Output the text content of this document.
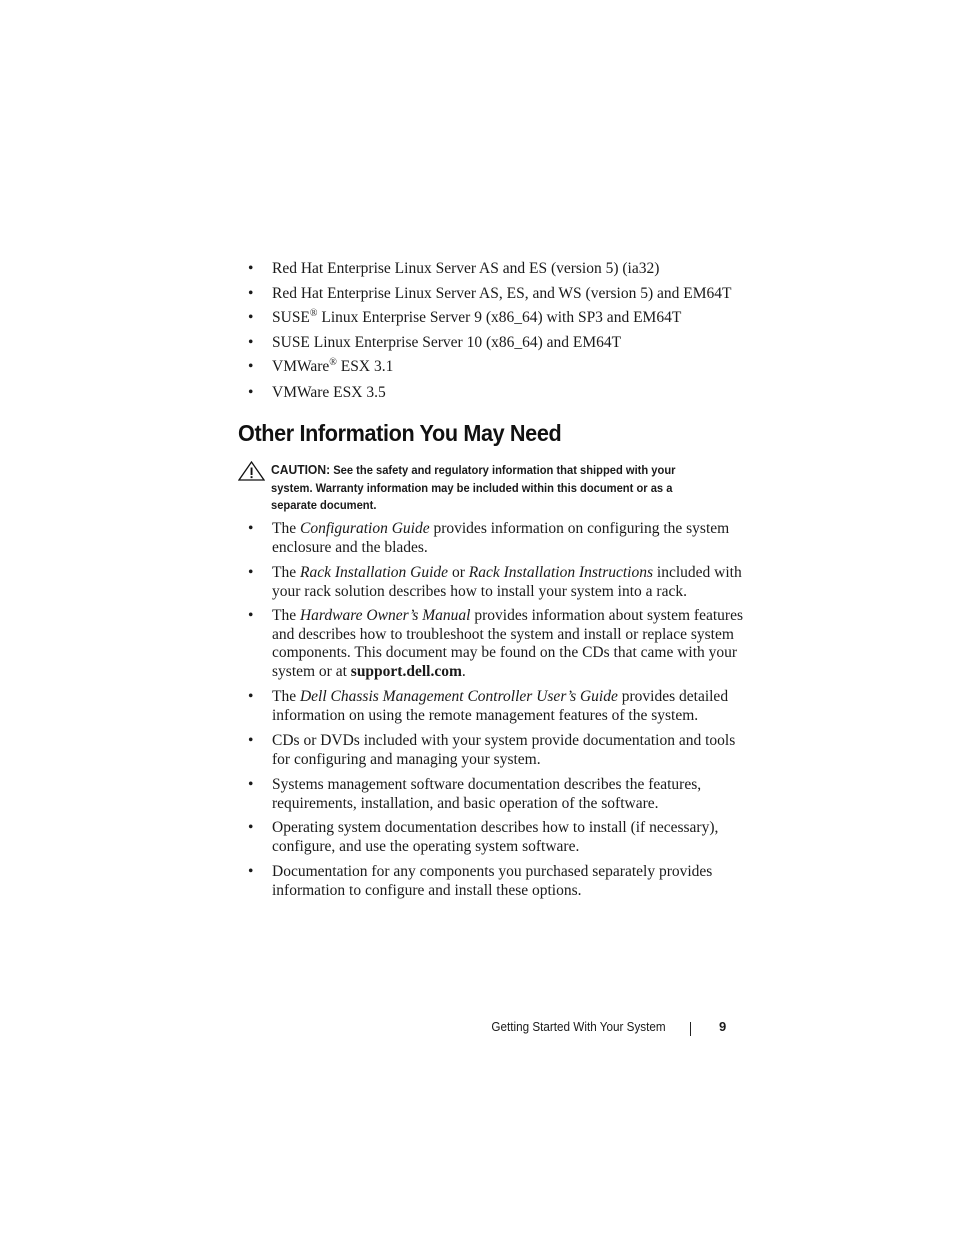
Red Hat Enterprise Linux Server AS and ES (version 5) (ia32)
Red Hat Enterprise Linux Server AS, ES, and WS (version 5) and EM64T
SUSE® Linux Enterprise Server 9 (x86_64) with SP3 and EM64T
SUSE Linux Enterprise Server 10 (x86_64) and EM64T
VMWare® ESX 3.1
VMWare ESX 3.5
Other Information You May Need
CAUTION: See the safety and regulatory information that shipped with your system. Warranty information may be included within this document or as a separate document.
The Configuration Guide provides information on configuring the system enclosure and the blades.
The Rack Installation Guide or Rack Installation Instructions included with your rack solution describes how to install your system into a rack.
The Hardware Owner’s Manual provides information about system features and describes how to troubleshoot the system and install or replace system components. This document may be found on the CDs that came with your system or at support.dell.com.
The Dell Chassis Management Controller User’s Guide provides detailed information on using the remote management features of the system.
CDs or DVDs included with your system provide documentation and tools for configuring and managing your system.
Systems management software documentation describes the features, requirements, installation, and basic operation of the software.
Operating system documentation describes how to install (if necessary), configure, and use the operating system software.
Documentation for any components you purchased separately provides information to configure and install these options.
Getting Started With Your System	9
